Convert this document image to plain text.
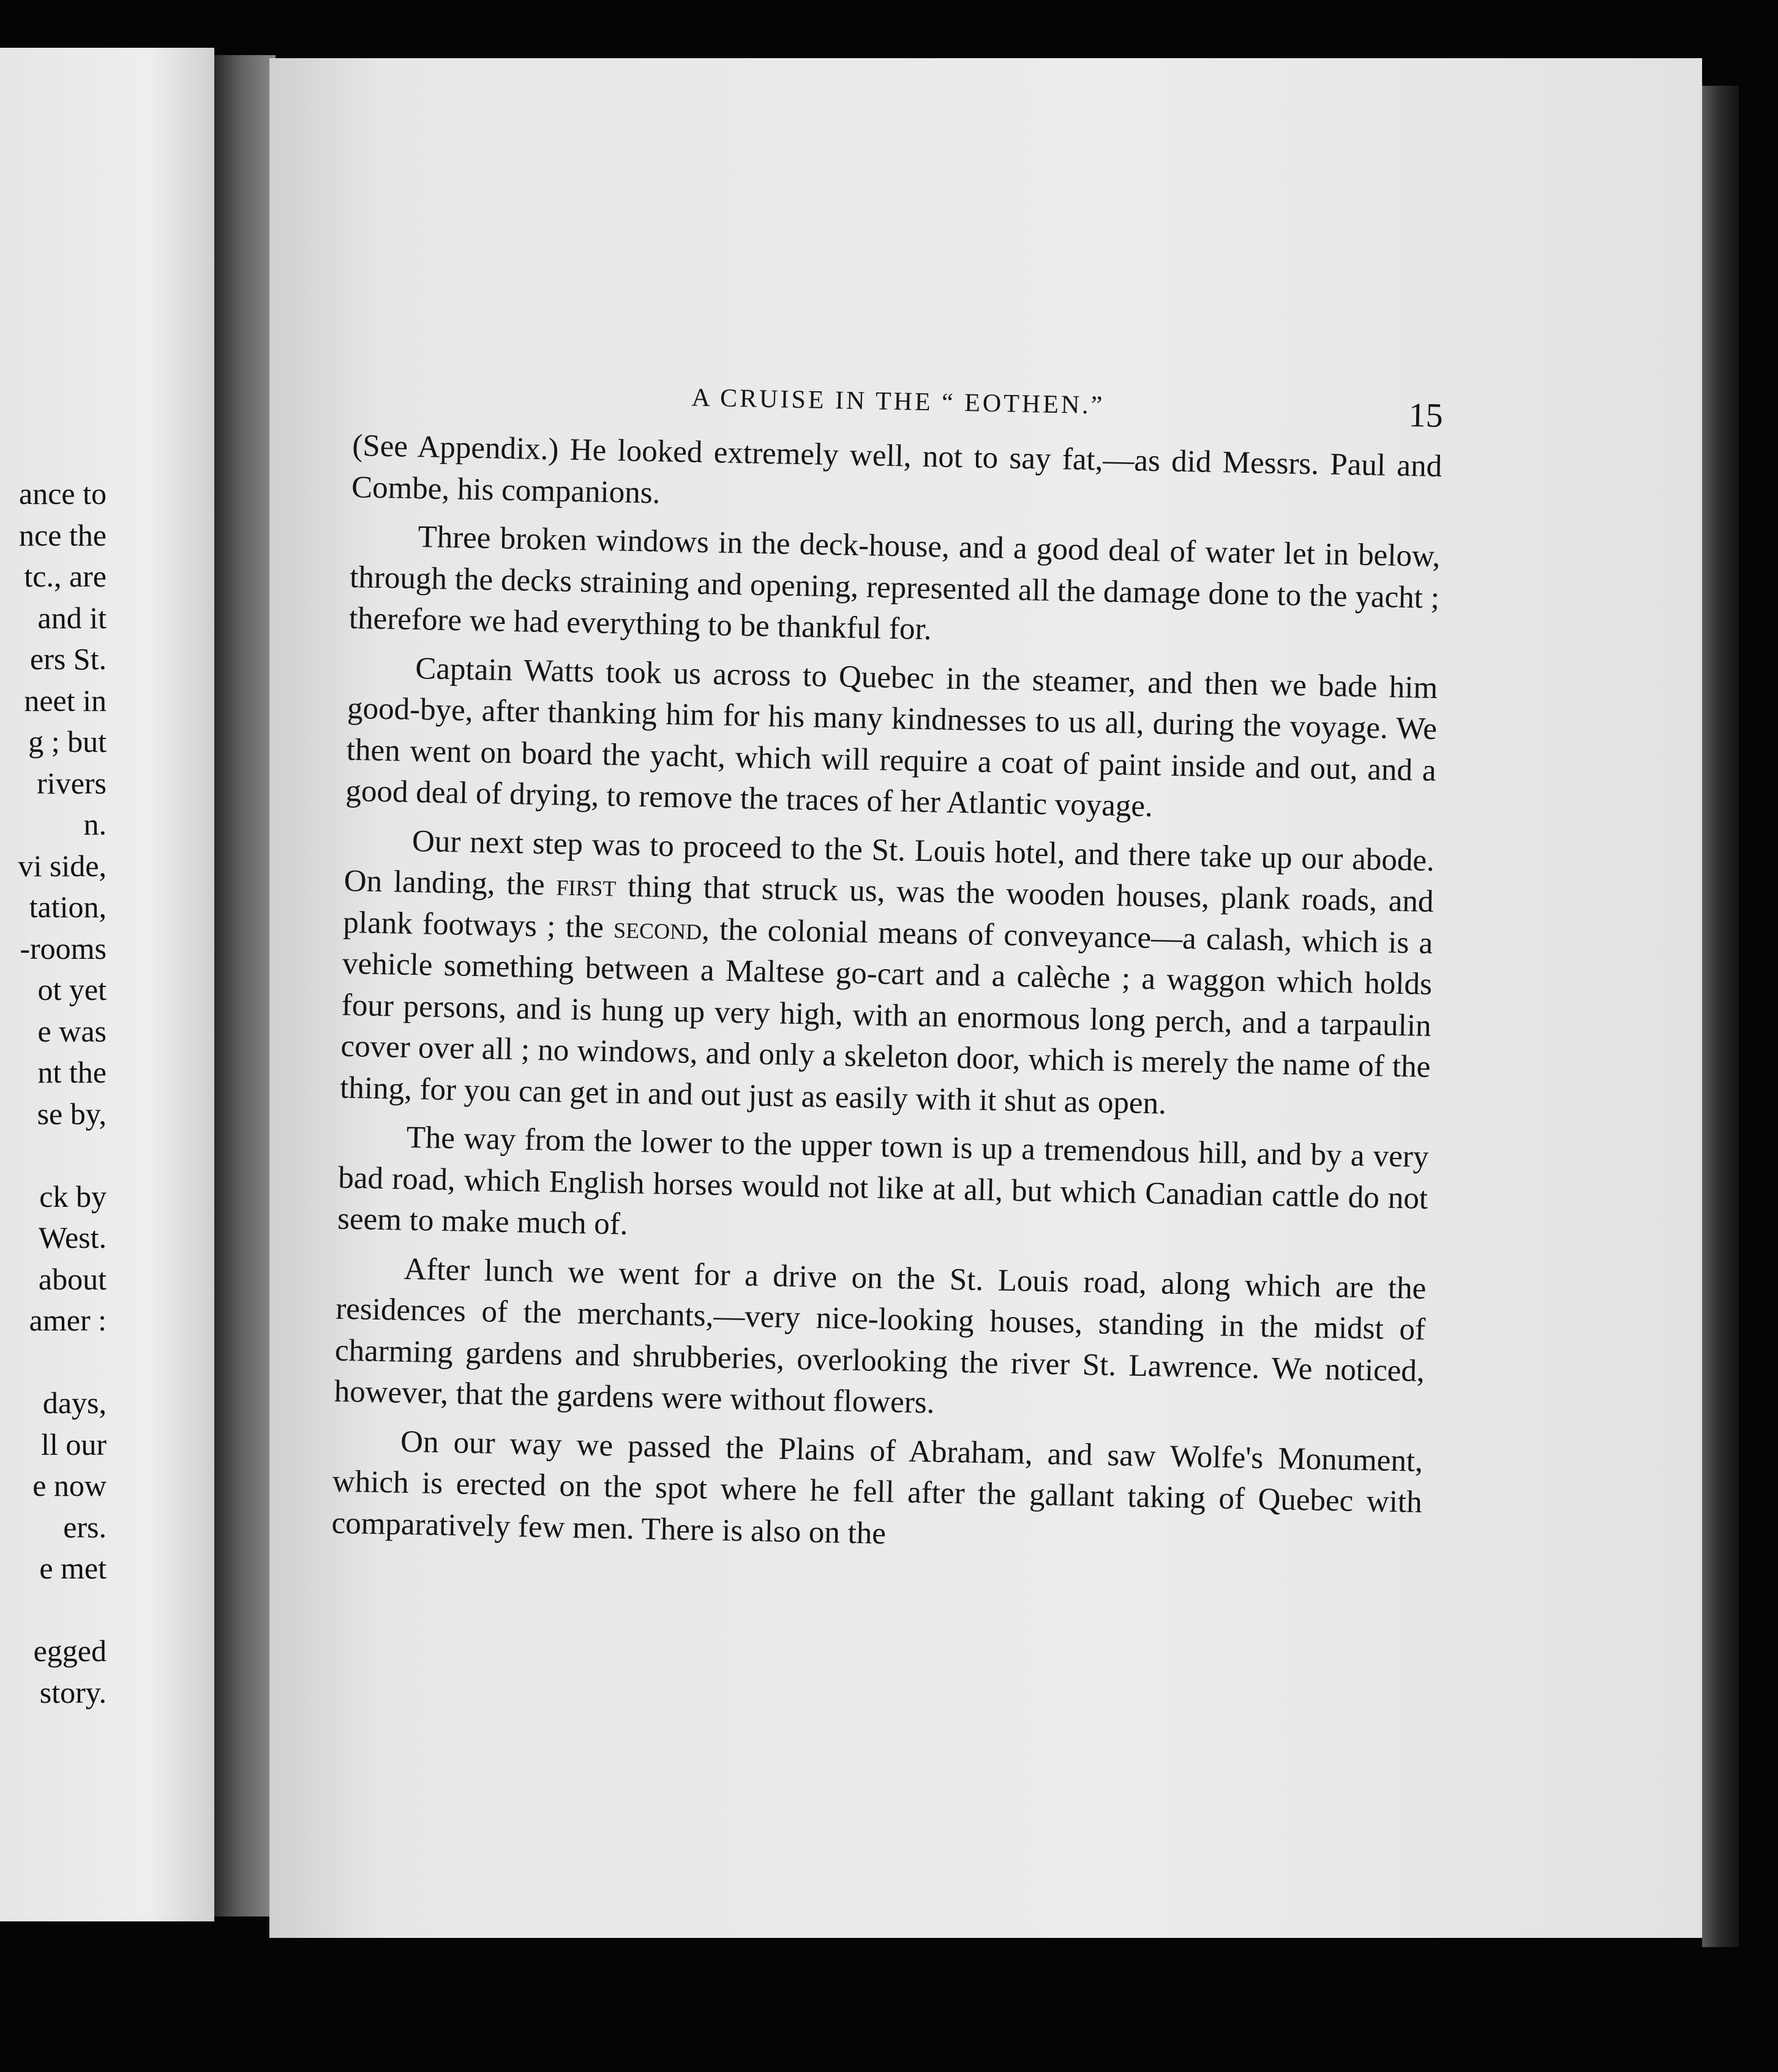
ance to
nce the
tc., are
and it
ers St.
neet in
g ; but
rivers
n.
vi side,
tation,
-rooms
ot yet
e was
nt the
se by,

ck by
West.
about
amer :

days,
ll our
e now
ers.
e met

egged
story.
A CRUISE IN THE “ EOTHEN.”	15

(See Appendix.) He looked extremely well, not to say fat,—as did Messrs. Paul and Combe, his companions.

Three broken windows in the deck-house, and a good deal of water let in below, through the decks straining and opening, represented all the damage done to the yacht ; therefore we had everything to be thankful for.

Captain Watts took us across to Quebec in the steamer, and then we bade him good-bye, after thanking him for his many kindnesses to us all, during the voyage. We then went on board the yacht, which will require a coat of paint inside and out, and a good deal of drying, to remove the traces of her Atlantic voyage.

Our next step was to proceed to the St. Louis hotel, and there take up our abode. On landing, the first thing that struck us, was the wooden houses, plank roads, and plank footways ; the second, the colonial means of conveyance—a calash, which is a vehicle something between a Maltese go-cart and a calèche ; a waggon which holds four persons, and is hung up very high, with an enormous long perch, and a tarpaulin cover over all ; no windows, and only a skeleton door, which is merely the name of the thing, for you can get in and out just as easily with it shut as open.

The way from the lower to the upper town is up a tremendous hill, and by a very bad road, which English horses would not like at all, but which Canadian cattle do not seem to make much of.

After lunch we went for a drive on the St. Louis road, along which are the residences of the merchants,—very nice-looking houses, standing in the midst of charming gardens and shrubberies, overlooking the river St. Lawrence. We noticed, however, that the gardens were without flowers.

On our way we passed the Plains of Abraham, and saw Wolfe's Monument, which is erected on the spot where he fell after the gallant taking of Quebec with comparatively few men. There is also on the
